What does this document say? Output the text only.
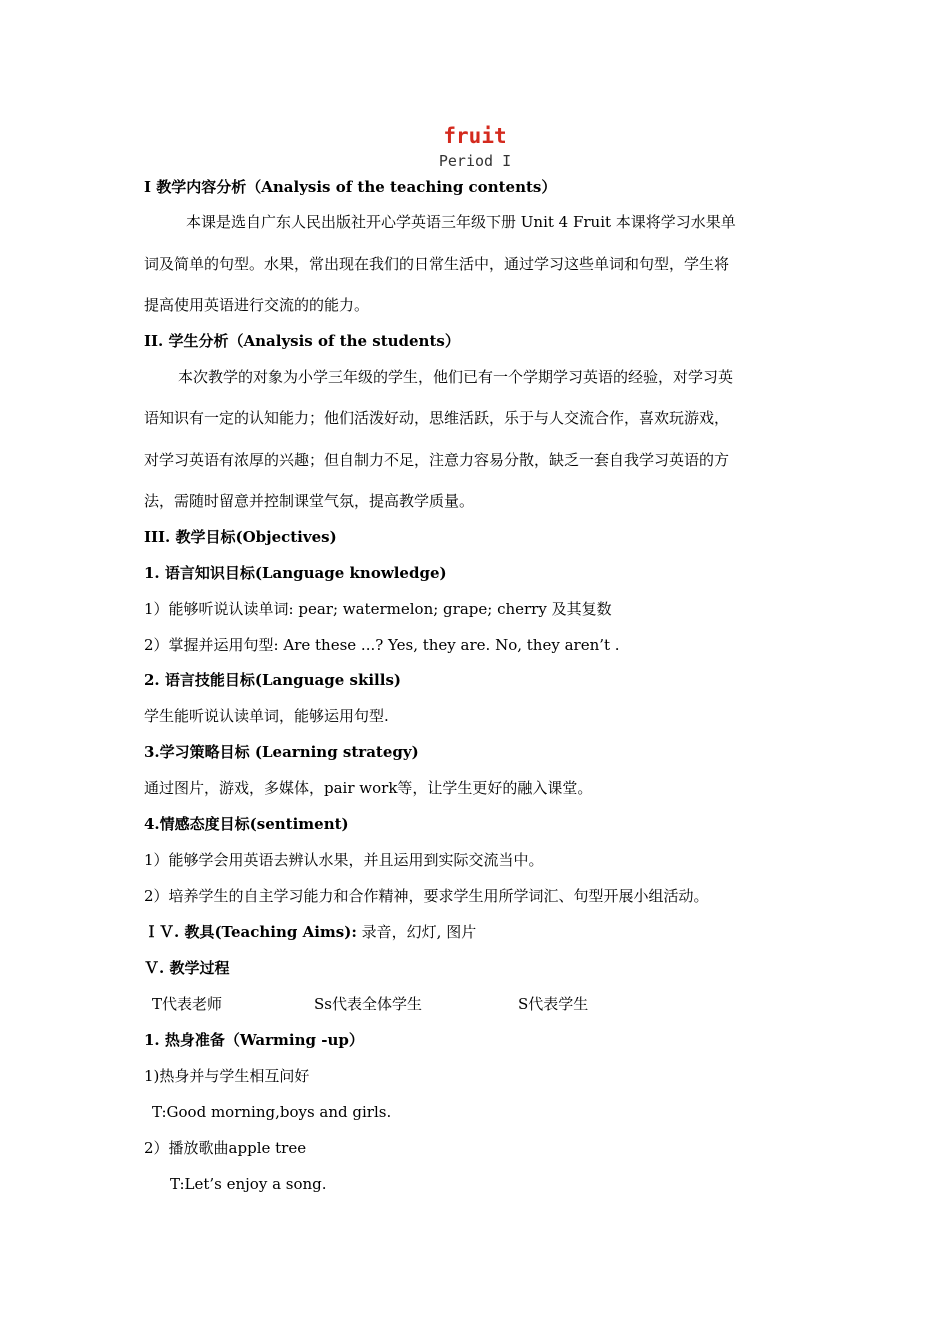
fruit
Period I
I 教学内容分析（Analysis of the teaching contents）
本课是选自广东人民出版社开心学英语三年级下册 Unit 4 Fruit 本课将学习水果单
词及简单的句型。水果，常出现在我们的日常生活中，通过学习这些单词和句型，学生将
提高使用英语进行交流的的能力。
II. 学生分析（Analysis of the students）
本次教学的对象为小学三年级的学生，他们已有一个学期学习英语的经验，对学习英
语知识有一定的认知能力；他们活泼好动，思维活跃，乐于与人交流合作，喜欢玩游戏，
对学习英语有浓厚的兴趣；但自制力不足，注意力容易分散，缺乏一套自我学习英语的方
法，需随时留意并控制课堂气氛，提高教学质量。
III. 教学目标(Objectives)
1. 语言知识目标(Language knowledge)
1）能够听说认读单词: pear; watermelon; grape; cherry 及其复数
2）掌握并运用句型: Are these ...? Yes, they are. No, they aren’t .
2. 语言技能目标(Language skills)
学生能听说认读单词，能够运用句型.
3.学习策略目标 (Learning strategy)
通过图片，游戏，多媒体，pair work等，让学生更好的融入课堂。
4.情感态度目标(sentiment)
1）能够学会用英语去辨认水果，并且运用到实际交流当中。
2）培养学生的自主学习能力和合作精神，要求学生用所学词汇、句型开展小组活动。
ＩＶ. 教具(Teaching Aims): 录音，幻灯, 图片
Ｖ. 教学过程
T代表老师	Ss代表全体学生	S代表学生
1. 热身准备（Warming -up）
1)热身并与学生相互问好
T:Good morning,boys and girls.
2）播放歌曲apple tree
T:Let’s enjoy a song.
